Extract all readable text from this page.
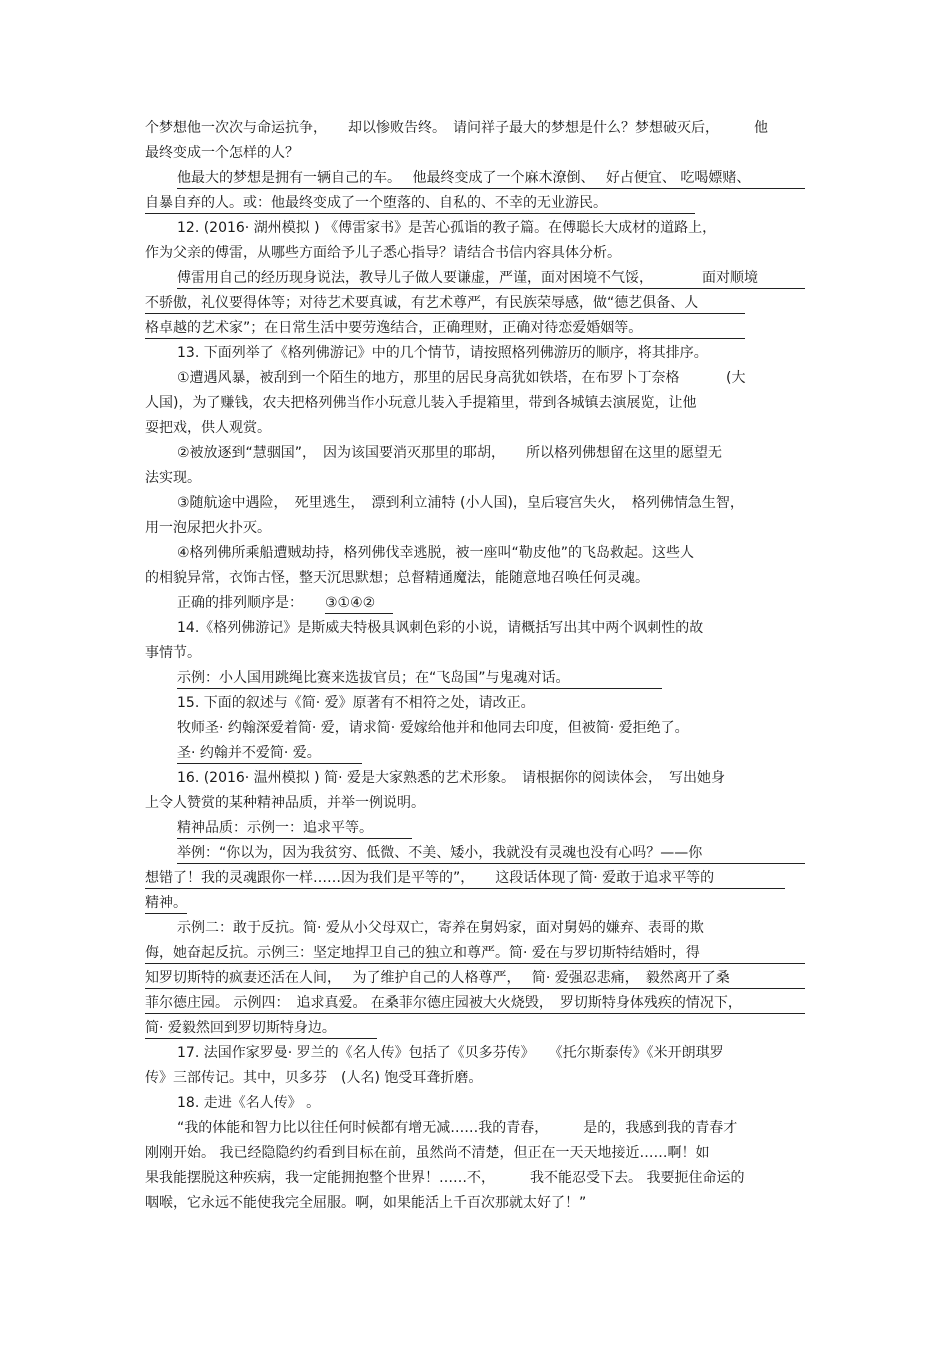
个梦想他一次次与命运抗争，　　却以惨败告终。　请问祥子最大的梦想是什么？梦想破灭后，　　　他
最终变成一个怎样的人？
他最大的梦想是拥有一辆自己的车。　 他最终变成了一个麻木潦倒、　 好占便宜、 吃喝嫖赌、
自暴自弃的人。或：他最终变成了一个堕落的、自私的、不幸的无业游民。
12. (2016· 湖州模拟 ) 《傅雷家书》是苦心孤诣的教子篇。在傅聪长大成材的道路上，
作为父亲的傅雷，从哪些方面给予儿子悉心指导？请结合书信内容具体分析。
傅雷用自己的经历现身说法，教导儿子做人要谦虚，严谨，面对困境不气馁，　　　　面对顺境
不骄傲，礼仪要得体等；对待艺术要真诚，有艺术尊严，有民族荣辱感，做“德艺俱备、人
格卓越的艺术家”；在日常生活中要劳逸结合，正确理财，正确对待恋爱婚姻等。
13. 下面列举了《格列佛游记》中的几个情节，请按照格列佛游历的顺序，将其排序。
①遭遇风暴，被刮到一个陌生的地方，那里的居民身高犹如铁塔，在布罗卜丁奈格　　　 (大
人国)，为了赚钱，农夫把格列佛当作小玩意儿装入手提箱里，带到各城镇去演展览，让他
耍把戏，供人观赏。
②被放逐到“慧骃国”，　因为该国要消灭那里的耶胡，　　所以格列佛想留在这里的愿望无
法实现。
③随航途中遇险，　死里逃生，　漂到利立浦特 (小人国)，皇后寝宫失火，　格列佛情急生智，
用一泡尿把火扑灭。
④格列佛所乘船遭贼劫持，格列佛伐幸逃脱，被一座叫“勒皮他”的飞岛救起。这些人
的相貌异常，衣饰古怪，整天沉思默想；总督精通魔法，能随意地召唤任何灵魂。
正确的排列顺序是： ③①④②
14.《格列佛游记》是斯威夫特极具讽刺色彩的小说，请概括写出其中两个讽刺性的故
事情节。
示例：小人国用跳绳比赛来选拔官员；在“飞岛国”与鬼魂对话。
15. 下面的叙述与《简· 爱》原著有不相符之处，请改正。
牧师圣· 约翰深爱着简· 爱，请求简· 爱嫁给他并和他同去印度，但被简· 爱拒绝了。
圣· 约翰并不爱简· 爱。
16. (2016· 温州模拟 ) 简· 爱是大家熟悉的艺术形象。　请根据你的阅读体会，　写出她身
上令人赞赏的某种精神品质，并举一例说明。
精神品质：示例一：追求平等。
举例：“你以为，因为我贫穷、低微、不美、矮小，我就没有灵魂也没有心吗？——你
想错了！我的灵魂跟你一样……因为我们是平等的”，　　这段话体现了简· 爱敢于追求平等的
精神。
示例二：敢于反抗。简· 爱从小父母双亡，寄养在舅妈家，面对舅妈的嫌弃、表哥的欺
侮，她奋起反抗。示例三：坚定地捍卫自己的独立和尊严。简· 爱在与罗切斯特结婚时，得
知罗切斯特的疯妻还活在人间，　 为了维护自己的人格尊严，　 简· 爱强忍悲痛，　毅然离开了桑
菲尔德庄园。 示例四：　追求真爱。 在桑菲尔德庄园被大火烧毁，　罗切斯特身体残疾的情况下，
简· 爱毅然回到罗切斯特身边。
17. 法国作家罗曼· 罗兰的《名人传》包括了《贝多芬传》　　《托尔斯泰传》《米开朗琪罗
传》三部传记。其中，贝多芬　(人名) 饱受耳聋折磨。
18. 走进《名人传》 。
“我的体能和智力比以往任何时候都有增无减……我的青春，　　　是的，我感到我的青春才
刚刚开始。 我已经隐隐约约看到目标在前，虽然尚不清楚，但正在一天天地接近……啊！如
果我能摆脱这种疾病，我一定能拥抱整个世界！……不，　　　我不能忍受下去。 我要扼住命运的
咽喉，它永远不能使我完全屈服。啊，如果能活上千百次那就太好了！”
